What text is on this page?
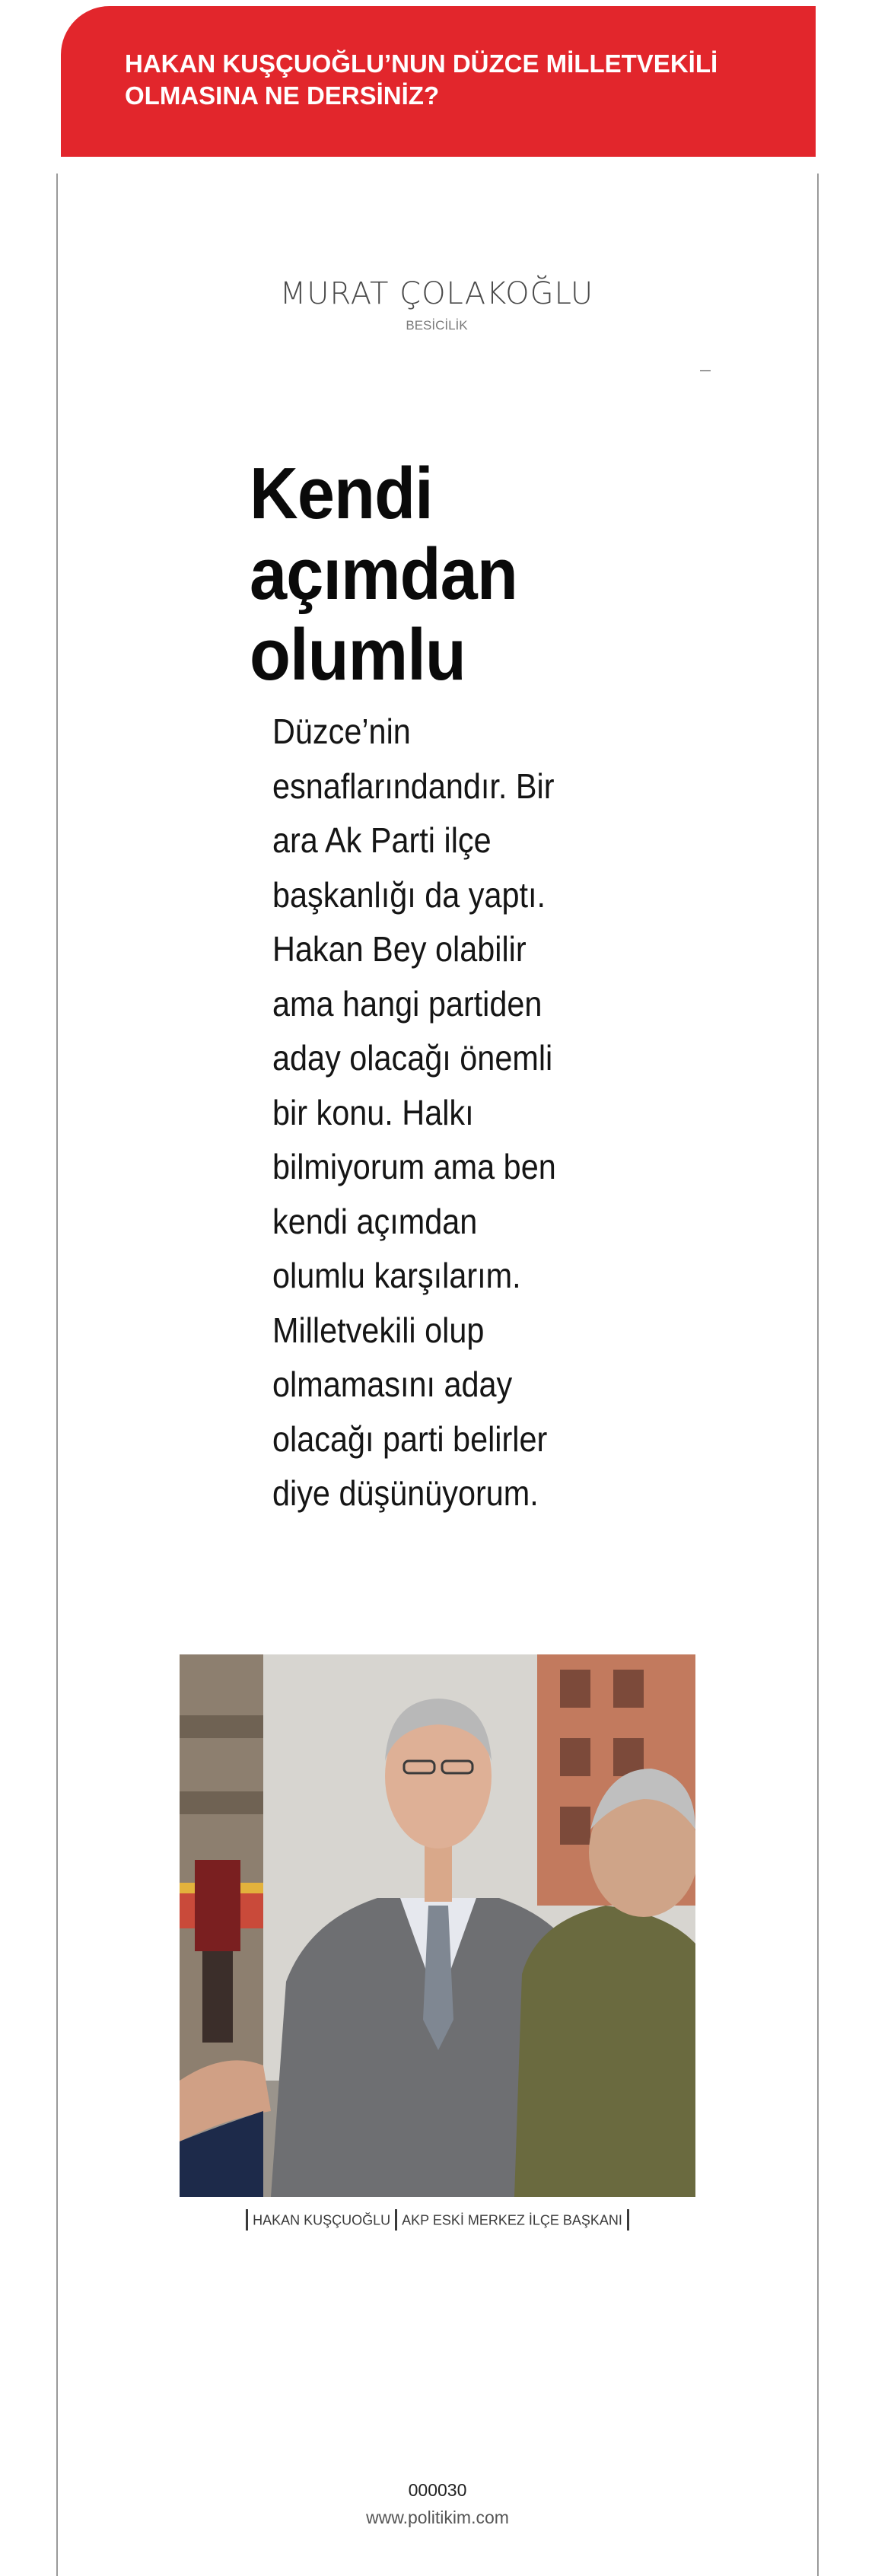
HAKAN KUŞÇUOĞLU’NUN DÜZCE MİLLETVEKİLİ OLMASINA NE DERSİNİZ?
MURAT ÇOLAKOĞLU
BESİCİLİK
Kendi açımdan olumlu

Düzce’nin esnaflarındandır. Bir ara Ak Parti ilçe başkanlığı da yaptı. Hakan Bey olabilir ama hangi partiden aday olacağı önemli bir konu. Halkı bilmiyorum ama ben kendi açımdan olumlu karşılarım. Milletvekili olup olmamasını aday olacağı parti belirler diye düşünüyorum.

HAKAN KUŞÇUOĞLU AKP ESKİ MERKEZ İLÇE BAŞKANI
000030
www.politikim.com
